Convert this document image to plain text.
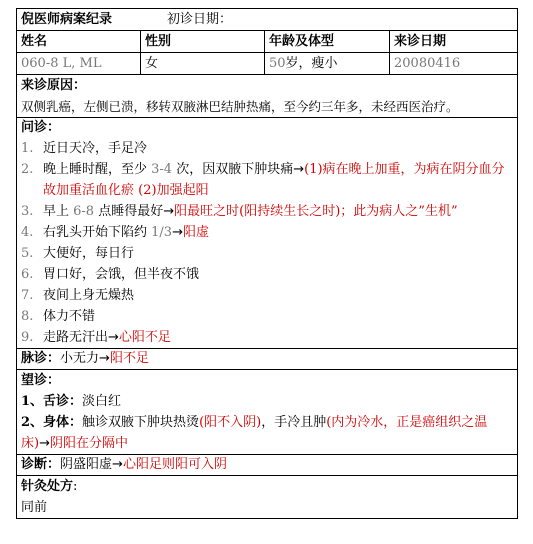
倪医师病案纪录	初诊日期：
姓名	性别	年龄及体型	来诊日期
060-8 L, ML	女	50 岁，瘦小	20080416
来诊原因：
双侧乳癌，左侧已溃，移转双腋淋巴结肿热痛，至今约三年多，未经西医治疗。
问诊：
1. 近日天冷，手足冷
2. 晚上睡时醒，至少 3-4 次，因双腋下肿块痛→(1)病在晚上加重，为病在阴分血分故加重活血化瘀 (2)加强起阳
3. 早上 6-8 点睡得最好→阳最旺之时(阳持续生长之时)；此为病人之”生机”
4. 右乳头开始下陷约 1/3→阳虚
5. 大便好，每日行
6. 胃口好，会饿，但半夜不饿
7. 夜间上身无燥热
8. 体力不错
9. 走路无汗出→心阳不足
脉诊：小无力→阳不足
望诊：
1、舌诊：淡白红
2、身体：触诊双腋下肿块热烫(阳不入阴)，手冷且肿(内为冷水，正是癌组织之温床)→阴阳在分隔中
诊断：阴盛阳虚→心阳足则阳可入阴
针灸处方:
同前
